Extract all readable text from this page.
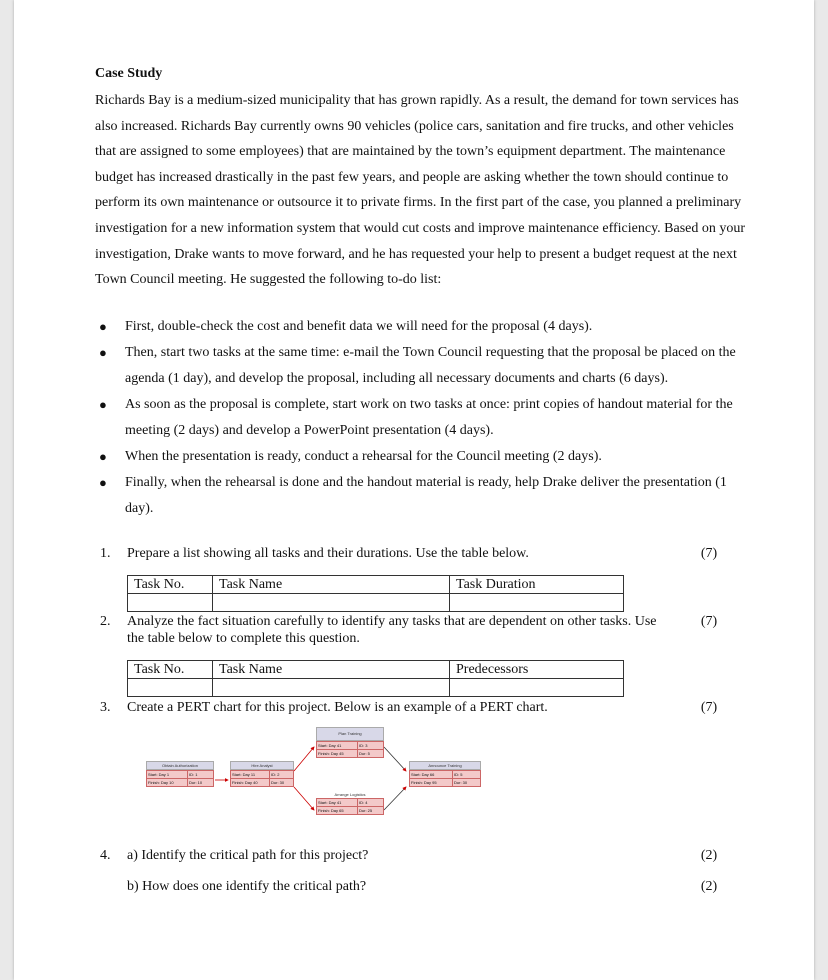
Case Study

Richards Bay is a medium-sized municipality that has grown rapidly. As a result, the demand for town services has also increased. Richards Bay currently owns 90 vehicles (police cars, sanitation and fire trucks, and other vehicles that are assigned to some employees) that are maintained by the town’s equipment department. The maintenance budget has increased drastically in the past few years, and people are asking whether the town should continue to perform its own maintenance or outsource it to private firms. In the first part of the case, you planned a preliminary investigation for a new information system that would cut costs and improve maintenance efficiency. Based on your investigation, Drake wants to move forward, and he has requested your help to present a budget request at the next Town Council meeting. He suggested the following to-do list:

● First, double-check the cost and benefit data we will need for the proposal (4 days).
● Then, start two tasks at the same time: e-mail the Town Council requesting that the proposal be placed on the agenda (1 day), and develop the proposal, including all necessary documents and charts (6 days).
● As soon as the proposal is complete, start work on two tasks at once: print copies of handout material for the meeting (2 days) and develop a PowerPoint presentation (4 days).
● When the presentation is ready, conduct a rehearsal for the Council meeting (2 days).
● Finally, when the rehearsal is done and the handout material is ready, help Drake deliver the presentation (1 day).
1. Prepare a list showing all tasks and their durations. Use the table below.	(7)
Task No.	Task Name	Task Duration

2. Analyze the fact situation carefully to identify any tasks that are dependent on other tasks. Use the table below to complete this question.
(7)
Task No.	Task Name	Predecessors

3. Create a PERT chart for this project. Below is an example of a PERT chart.	(7)
Obtain Authorization
Start: Day 1	ID: 1
Finish: Day 10	Dur: 10
Hire Analyst
Start: Day 11	ID: 2
Finish: Day 40	Dur: 30
Plan Training
Start: Day 41	ID: 3
Finish: Day 45	Dur: 5
Arrange Logistics
Start: Day 41	ID: 4
Finish: Day 65	Dur: 25
Announce Training
Start: Day 66	ID: 5
Finish: Day 95	Dur: 30
4. a) Identify the critical path for this project?	(2)
b) How does one identify the critical path?	(2)
